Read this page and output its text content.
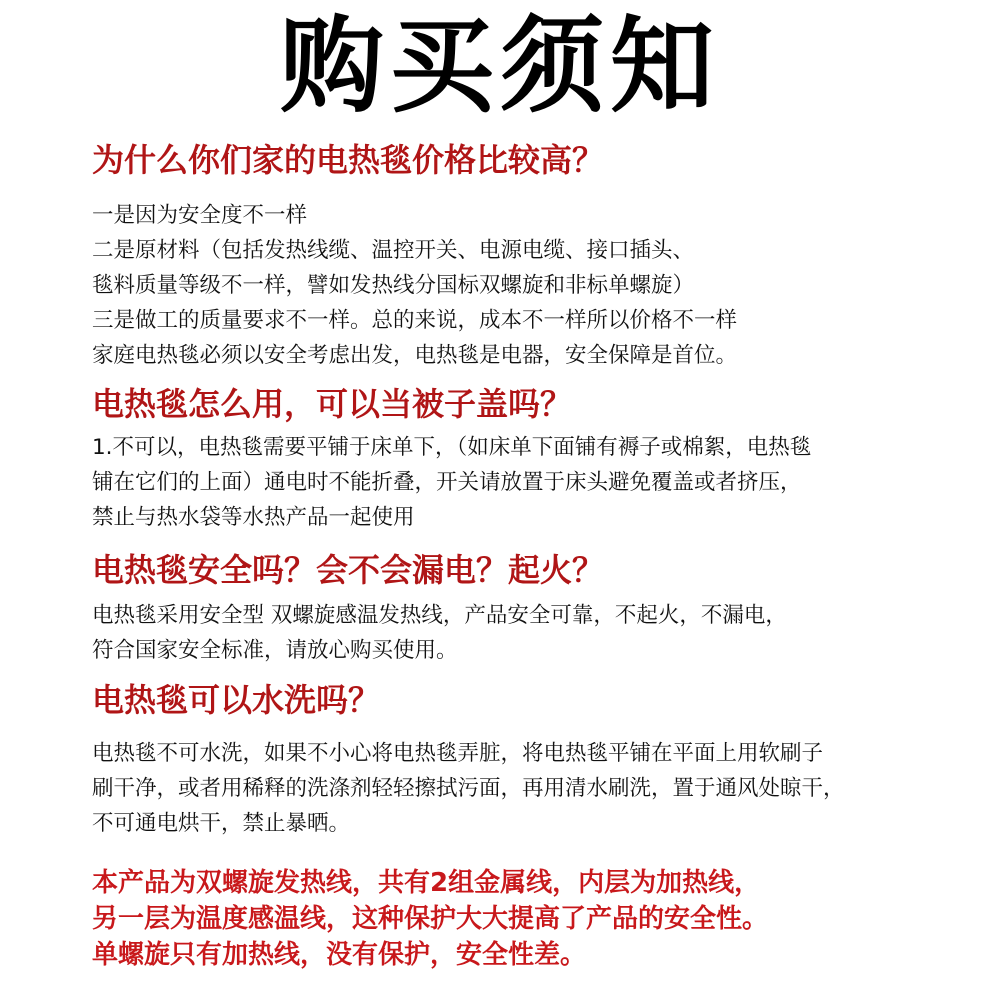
购买须知
为什么你们家的电热毯价格比较高？
一是因为安全度不一样
二是原材料（包括发热线缆、温控开关、电源电缆、接口插头、
毯料质量等级不一样，譬如发热线分国标双螺旋和非标单螺旋）
三是做工的质量要求不一样。总的来说，成本不一样所以价格不一样
家庭电热毯必须以安全考虑出发，电热毯是电器，安全保障是首位。
电热毯怎么用，可以当被子盖吗？
1.不可以，电热毯需要平铺于床单下，（如床单下面铺有褥子或棉絮，电热毯
铺在它们的上面）通电时不能折叠，开关请放置于床头避免覆盖或者挤压，
禁止与热水袋等水热产品一起使用
电热毯安全吗？会不会漏电？起火？
电热毯采用安全型 双螺旋感温发热线，产品安全可靠，不起火，不漏电，
符合国家安全标准，请放心购买使用。
电热毯可以水洗吗？
电热毯不可水洗，如果不小心将电热毯弄脏，将电热毯平铺在平面上用软刷子
刷干净，或者用稀释的洗涤剂轻轻擦拭污面，再用清水刷洗，置于通风处晾干，
不可通电烘干，禁止暴晒。
本产品为双螺旋发热线，共有2组金属线，内层为加热线，
另一层为温度感温线，这种保护大大提高了产品的安全性。
单螺旋只有加热线，没有保护，安全性差。
